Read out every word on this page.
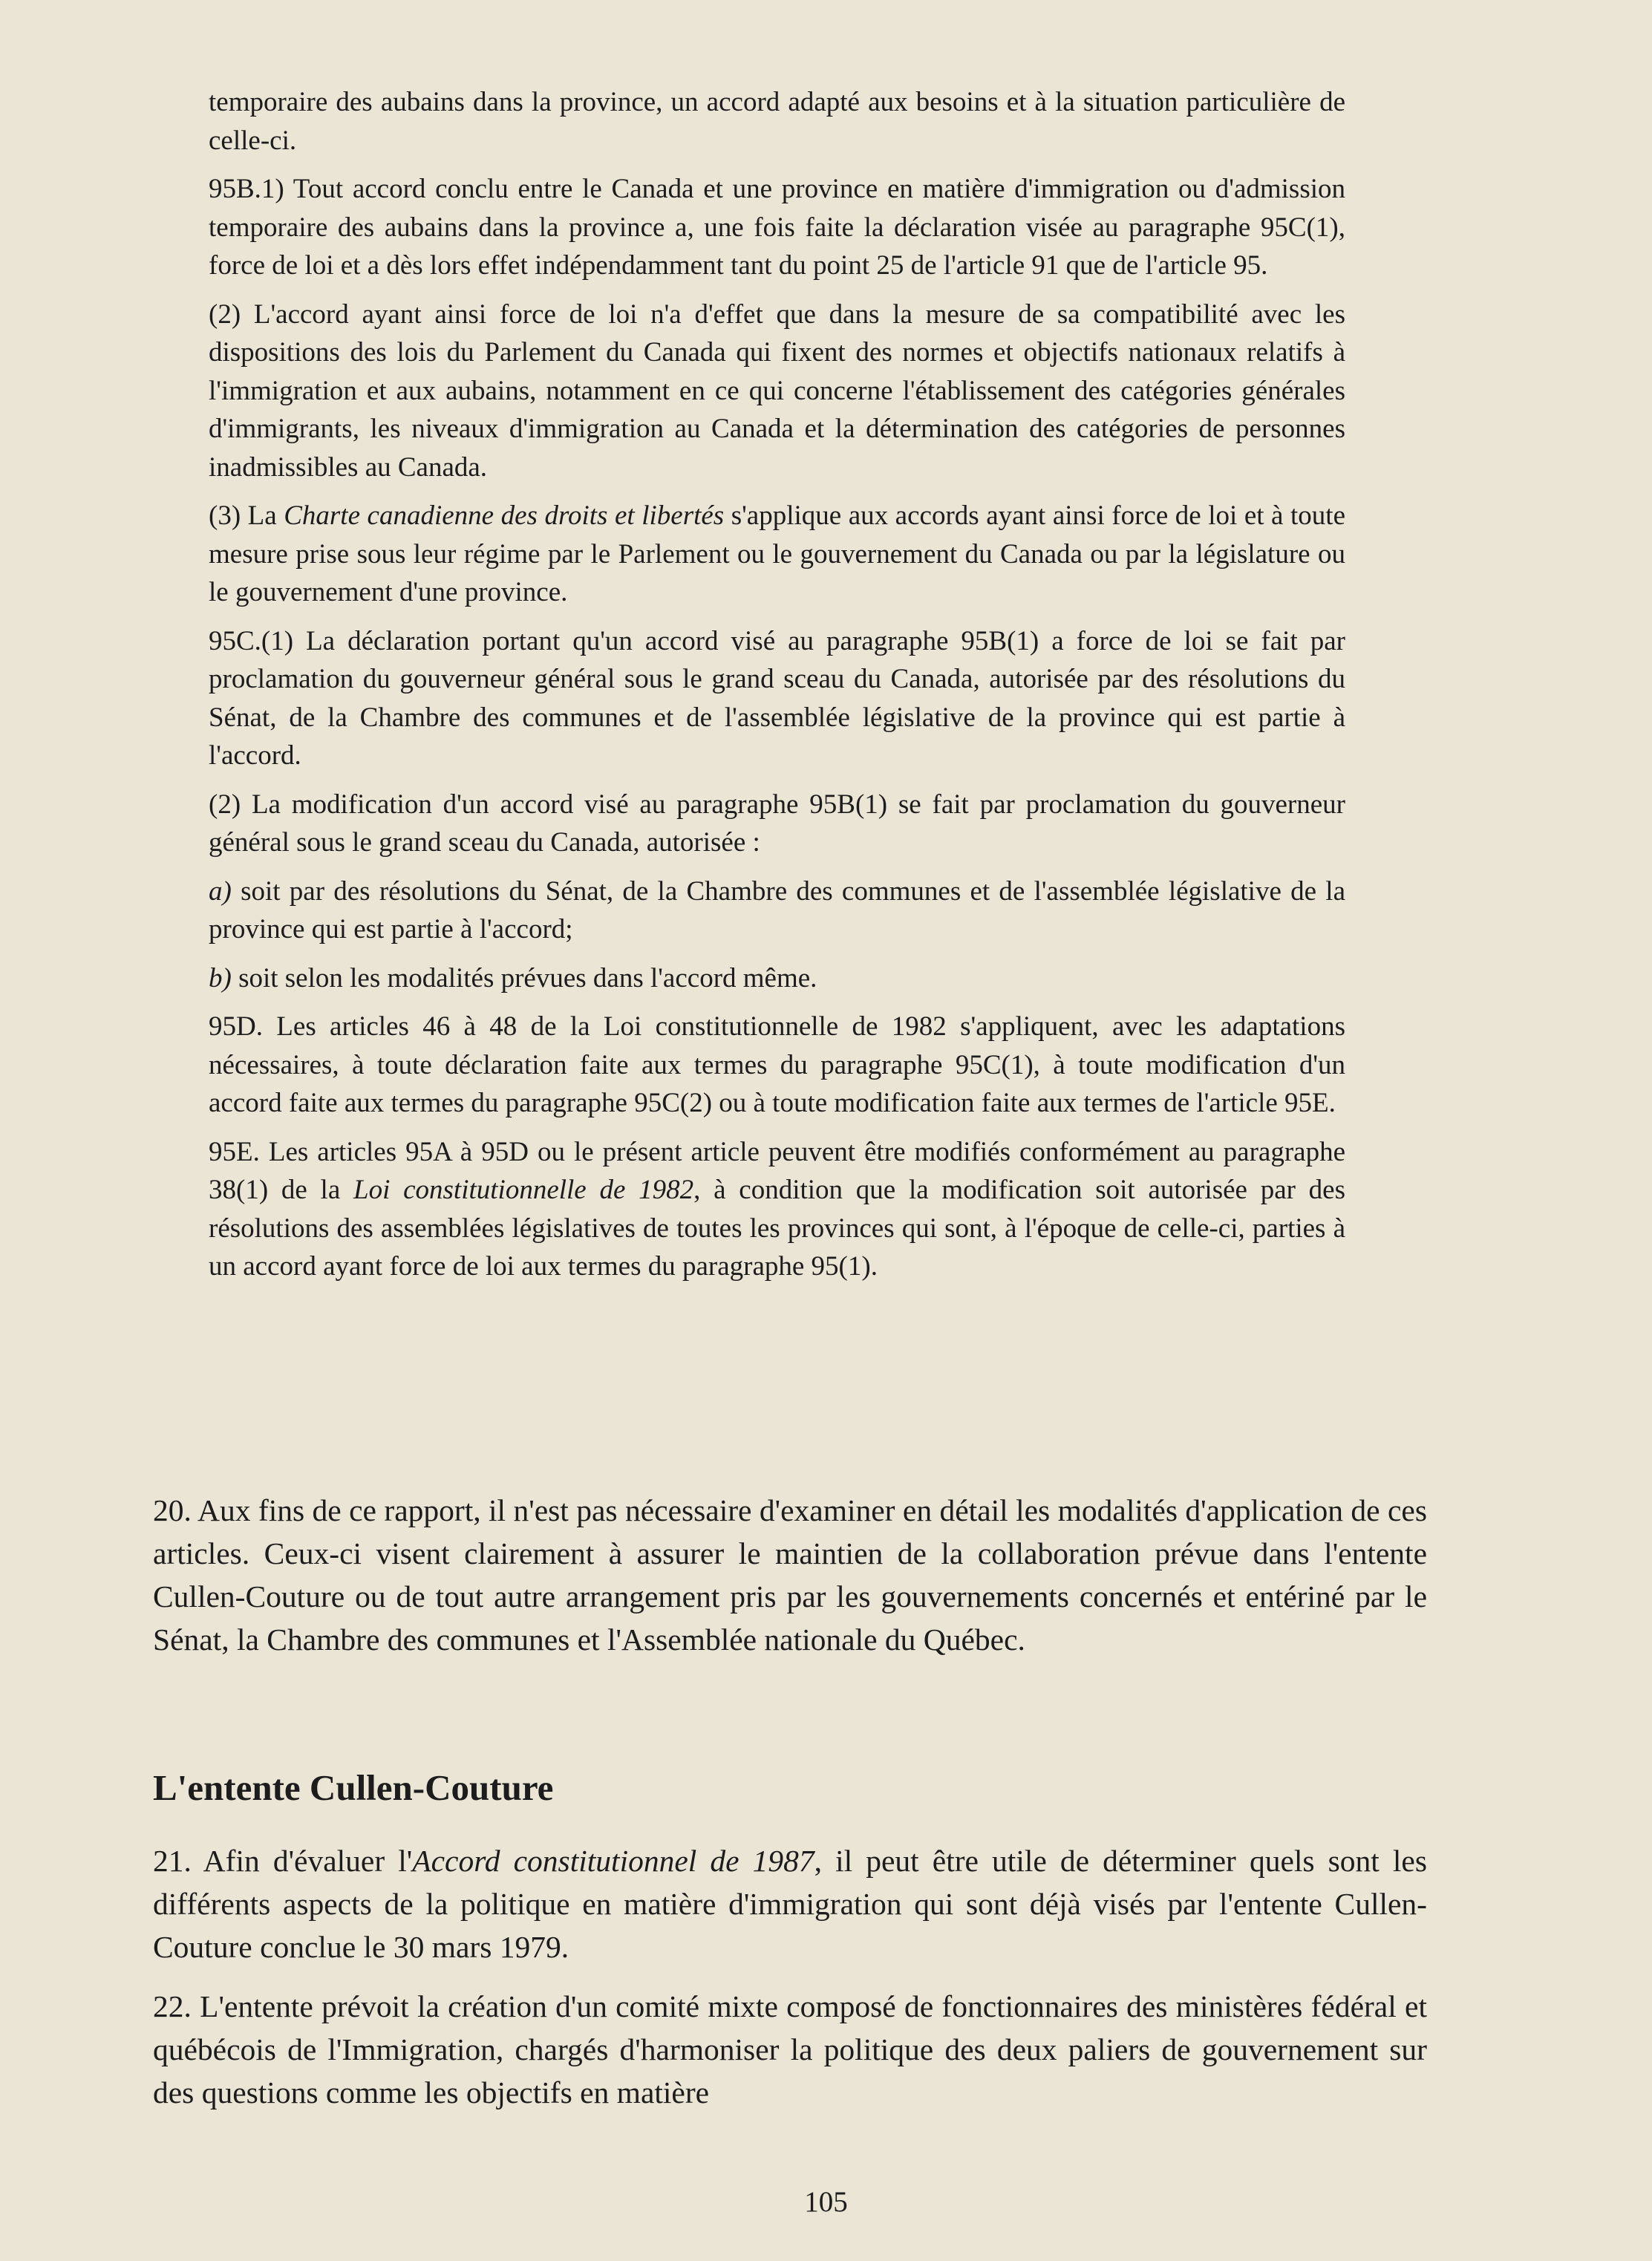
temporaire des aubains dans la province, un accord adapté aux besoins et à la situation particulière de celle-ci.

95B.1) Tout accord conclu entre le Canada et une province en matière d'immigration ou d'admission temporaire des aubains dans la province a, une fois faite la déclaration visée au paragraphe 95C(1), force de loi et a dès lors effet indépendamment tant du point 25 de l'article 91 que de l'article 95.

(2) L'accord ayant ainsi force de loi n'a d'effet que dans la mesure de sa compatibilité avec les dispositions des lois du Parlement du Canada qui fixent des normes et objectifs nationaux relatifs à l'immigration et aux aubains, notamment en ce qui concerne l'établissement des catégories générales d'immigrants, les niveaux d'immigration au Canada et la détermination des catégories de personnes inadmissibles au Canada.

(3) La Charte canadienne des droits et libertés s'applique aux accords ayant ainsi force de loi et à toute mesure prise sous leur régime par le Parlement ou le gouvernement du Canada ou par la législature ou le gouvernement d'une province.

95C.(1) La déclaration portant qu'un accord visé au paragraphe 95B(1) a force de loi se fait par proclamation du gouverneur général sous le grand sceau du Canada, autorisée par des résolutions du Sénat, de la Chambre des communes et de l'assemblée législative de la province qui est partie à l'accord.

(2) La modification d'un accord visé au paragraphe 95B(1) se fait par proclamation du gouverneur général sous le grand sceau du Canada, autorisée :

a) soit par des résolutions du Sénat, de la Chambre des communes et de l'assemblée législative de la province qui est partie à l'accord;

b) soit selon les modalités prévues dans l'accord même.

95D. Les articles 46 à 48 de la Loi constitutionnelle de 1982 s'appliquent, avec les adaptations nécessaires, à toute déclaration faite aux termes du paragraphe 95C(1), à toute modification d'un accord faite aux termes du paragraphe 95C(2) ou à toute modification faite aux termes de l'article 95E.

95E. Les articles 95A à 95D ou le présent article peuvent être modifiés conformément au paragraphe 38(1) de la Loi constitutionnelle de 1982, à condition que la modification soit autorisée par des résolutions des assemblées législatives de toutes les provinces qui sont, à l'époque de celle-ci, parties à un accord ayant force de loi aux termes du paragraphe 95(1).

20. Aux fins de ce rapport, il n'est pas nécessaire d'examiner en détail les modalités d'application de ces articles. Ceux-ci visent clairement à assurer le maintien de la collaboration prévue dans l'entente Cullen-Couture ou de tout autre arrangement pris par les gouvernements concernés et entériné par le Sénat, la Chambre des communes et l'Assemblée nationale du Québec.

L'entente Cullen-Couture

21. Afin d'évaluer l'Accord constitutionnel de 1987, il peut être utile de déterminer quels sont les différents aspects de la politique en matière d'immigration qui sont déjà visés par l'entente Cullen-Couture conclue le 30 mars 1979.

22. L'entente prévoit la création d'un comité mixte composé de fonctionnaires des ministères fédéral et québécois de l'Immigration, chargés d'harmoniser la politique des deux paliers de gouvernement sur des questions comme les objectifs en matière

105
